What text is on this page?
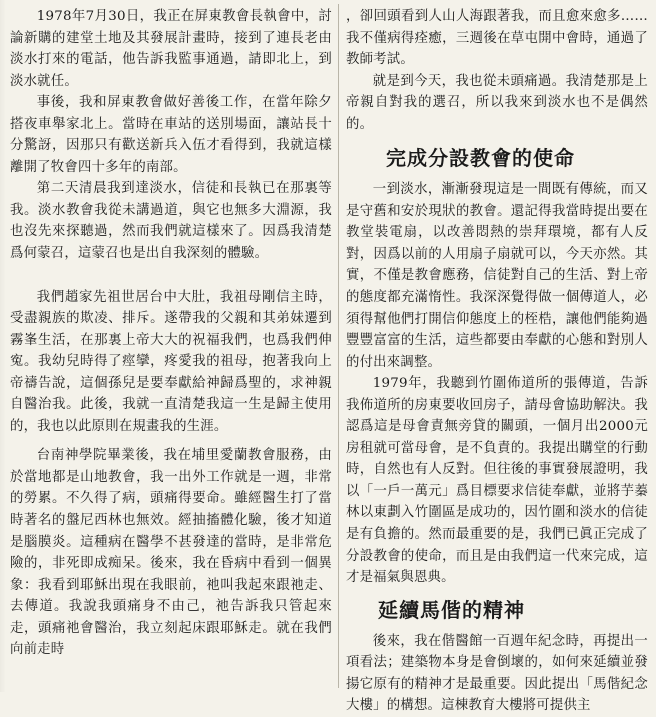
1978年7月30日，我正在屏東教會長執會中，討論新購的建堂土地及其發展計畫時，接到了連長老由淡水打來的電話，他告訴我監事通過，請即北上，到淡水就任。

事後，我和屏東教會做好善後工作，在當年除夕搭夜車舉家北上。當時在車站的送別場面，讓站長十分驚訝，因那只有歡送新兵入伍才看得到，我就這樣離開了牧會四十多年的南部。

第二天清晨我到達淡水，信徒和長執已在那裏等我。淡水教會我從未講過道，與它也無多大淵源，我也沒先來探聽過，然而我們就這樣來了。因爲我清楚爲何蒙召，這蒙召也是出自我深刻的體驗。

我們趙家先祖世居台中大肚，我祖母剛信主時，受盡親族的欺凌、排斥。遂帶我的父親和其弟妹遷到霧峯生活，在那裏上帝大大的祝福我們，也爲我們伸寃。我幼兒時得了痙攣，疼愛我的祖母，抱著我向上帝禱告說，這個孫兒是要奉獻給神歸爲聖的，求神親自醫治我。此後，我就一直清楚我這一生是歸主使用的，我也以此原則在規畫我的生涯。

台南神學院畢業後，我在埔里愛蘭教會服務，由於當地都是山地教會，我一出外工作就是一週，非常的勞累。不久得了病，頭痛得要命。雖經醫生打了當時著名的盤尼西林也無效。經抽搐體化驗，後才知道是腦膜炎。這種病在醫學不甚發達的當時，是非常危險的，非死即成痴呆。後來，我在昏病中看到一個異象：我看到耶穌出現在我眼前，祂叫我起來跟祂走、去傳道。我說我頭痛身不由己，祂告訴我只管起來走，頭痛祂會醫治，我立刻起床跟耶穌走。就在我們向前走時

，卻回頭看到人山人海跟著我，而且愈來愈多……我不僅病得痊癒，三週後在草屯開中會時，通過了教師考試。

就是到今天，我也從未頭痛過。我清楚那是上帝親自對我的選召，所以我來到淡水也不是偶然的。

完成分設教會的使命

一到淡水，漸漸發現這是一間既有傳統，而又是守舊和安於現狀的教會。還記得我當時提出要在教堂裝電扇，以改善悶熱的崇拜環境，都有人反對，因爲以前的人用扇子扇就可以，今天亦然。其實，不僅是教會應務，信徒對自己的生活、對上帝的態度都充滿惰性。我深深覺得做一個傳道人，必須得幫他們打開信仰態度上的桎梏，讓他們能夠過豐豐富富的生活，這些都要由奉獻的心態和對別人的付出來調整。

1979年，我聽到竹圍佈道所的張傳道，告訴我佈道所的房東要收回房子，請母會協助解決。我認爲這是母會責無旁貸的關頭，一個月出2000元房租就可當母會，是不負責的。我提出購堂的行動時，自然也有人反對。但往後的事實發展證明，我以「一戶一萬元」爲目標要求信徒奉獻，並將芋蓁林以東劃入竹圍區是成功的，因竹圍和淡水的信徒是有負擔的。然而最重要的是，我們已眞正完成了分設教會的使命，而且是由我們這一代來完成，這才是福氣與恩典。

延續馬偕的精神

後來，我在偕醫館一百週年紀念時，再提出一項看法；建築物本身是會倒壞的，如何來延續並發揚它原有的精神才是最重要。因此提出「馬偕紀念大樓」的構想。這棟教育大樓將可提供主
